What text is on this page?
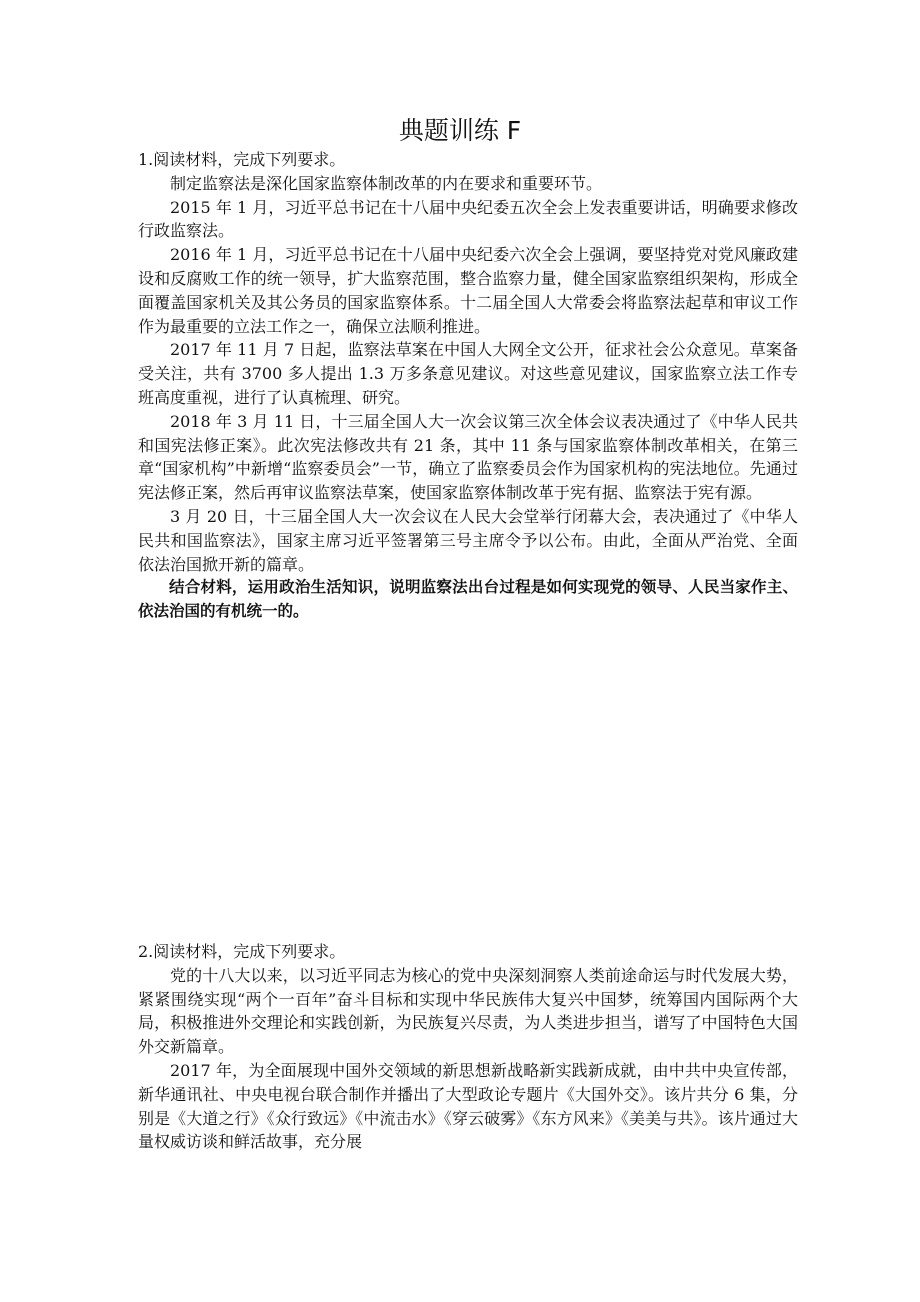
典题训练 F

1.阅读材料，完成下列要求。

制定监察法是深化国家监察体制改革的内在要求和重要环节。

2015 年 1 月，习近平总书记在十八届中央纪委五次全会上发表重要讲话，明确要求修改行政监察法。

2016 年 1 月，习近平总书记在十八届中央纪委六次全会上强调，要坚持党对党风廉政建设和反腐败工作的统一领导，扩大监察范围，整合监察力量，健全国家监察组织架构，形成全面覆盖国家机关及其公务员的国家监察体系。十二届全国人大常委会将监察法起草和审议工作作为最重要的立法工作之一，确保立法顺利推进。

2017 年 11 月 7 日起，监察法草案在中国人大网全文公开，征求社会公众意见。草案备受关注，共有 3700 多人提出 1.3 万多条意见建议。对这些意见建议，国家监察立法工作专班高度重视，进行了认真梳理、研究。

2018 年 3 月 11 日，十三届全国人大一次会议第三次全体会议表决通过了《中华人民共和国宪法修正案》。此次宪法修改共有 21 条，其中 11 条与国家监察体制改革相关，在第三章“国家机构”中新增“监察委员会”一节，确立了监察委员会作为国家机构的宪法地位。先通过宪法修正案，然后再审议监察法草案，使国家监察体制改革于宪有据、监察法于宪有源。

3 月 20 日，十三届全国人大一次会议在人民大会堂举行闭幕大会，表决通过了《中华人民共和国监察法》，国家主席习近平签署第三号主席令予以公布。由此，全面从严治党、全面依法治国掀开新的篇章。

结合材料，运用政治生活知识，说明监察法出台过程是如何实现党的领导、人民当家作主、依法治国的有机统一的。

2.阅读材料，完成下列要求。

党的十八大以来，以习近平同志为核心的党中央深刻洞察人类前途命运与时代发展大势，紧紧围绕实现“两个一百年”奋斗目标和实现中华民族伟大复兴中国梦，统筹国内国际两个大局，积极推进外交理论和实践创新，为民族复兴尽责，为人类进步担当，谱写了中国特色大国外交新篇章。

2017 年，为全面展现中国外交领域的新思想新战略新实践新成就，由中共中央宣传部，新华通讯社、中央电视台联合制作并播出了大型政论专题片《大国外交》。该片共分 6 集，分别是《大道之行》《众行致远》《中流击水》《穿云破雾》《东方风来》《美美与共》。该片通过大量权威访谈和鲜活故事，充分展
